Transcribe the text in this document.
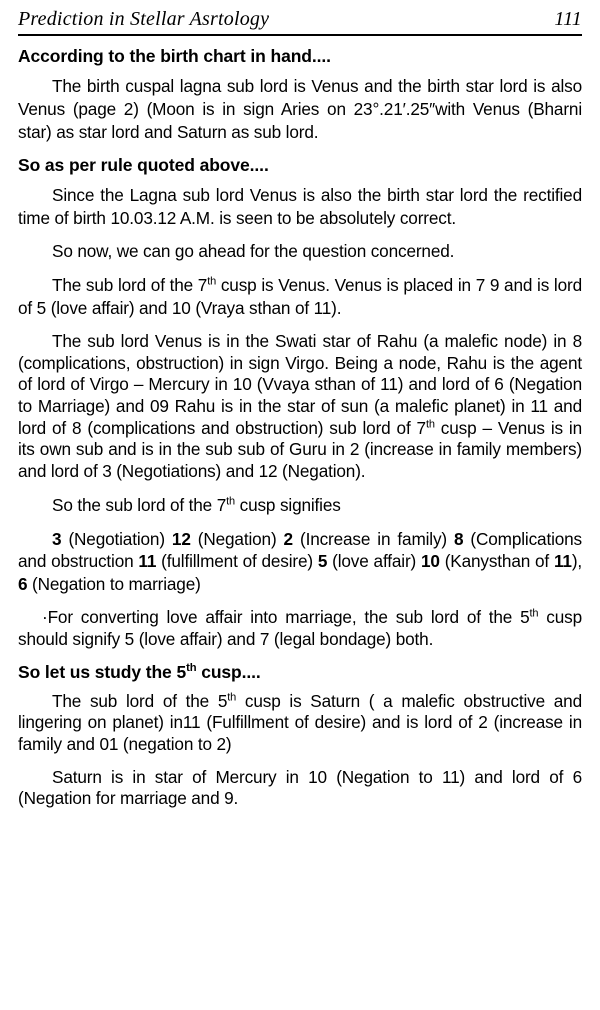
Prediction in Stellar Asrtology	111
According to the birth chart in hand....

The birth cuspal lagna sub lord is Venus and the birth star lord is also Venus (page 2) (Moon is in sign Aries on 23°.21′.25″with Venus (Bharni star) as star lord and Saturn as sub lord.

So as per rule quoted above....

Since the Lagna sub lord Venus is also the birth star lord the rectified time of birth 10.03.12 A.M. is seen to be absolutely correct.

So now, we can go ahead for the question concerned.

The sub lord of the 7th cusp is Venus. Venus is placed in 7 9 and is lord of 5 (love affair) and 10 (Vraya sthan of 11).

The sub lord Venus is in the Swati star of Rahu (a malefic node) in 8 (complications, obstruction) in sign Virgo. Being a node, Rahu is the agent of lord of Virgo – Mercury in 10 (Vvaya sthan of 11) and lord of 6 (Negation to Marriage) and 09 Rahu is in the star of sun (a malefic planet) in 11 and lord of 8 (complications and obstruction) sub lord of 7th cusp – Venus is in its own sub and is in the sub sub of Guru in 2 (increase in family members) and lord of 3 (Negotiations) and 12 (Negation).

So the sub lord of the 7th cusp signifies

3 (Negotiation) 12 (Negation) 2 (Increase in family) 8 (Complications and obstruction 11 (fulfillment of desire) 5 (love affair) 10 (Kanysthan of 11), 6 (Negation to marriage)

·For converting love affair into marriage, the sub lord of the 5th cusp should signify 5 (love affair) and 7 (legal bondage) both.

So let us study the 5th cusp....

The sub lord of the 5th cusp is Saturn ( a malefic obstructive and lingering on planet) in11 (Fulfillment of desire) and is lord of 2 (increase in family and 01 (negation to 2)

Saturn is in star of Mercury in 10 (Negation to 11) and lord of 6 (Negation for marriage and 9.
